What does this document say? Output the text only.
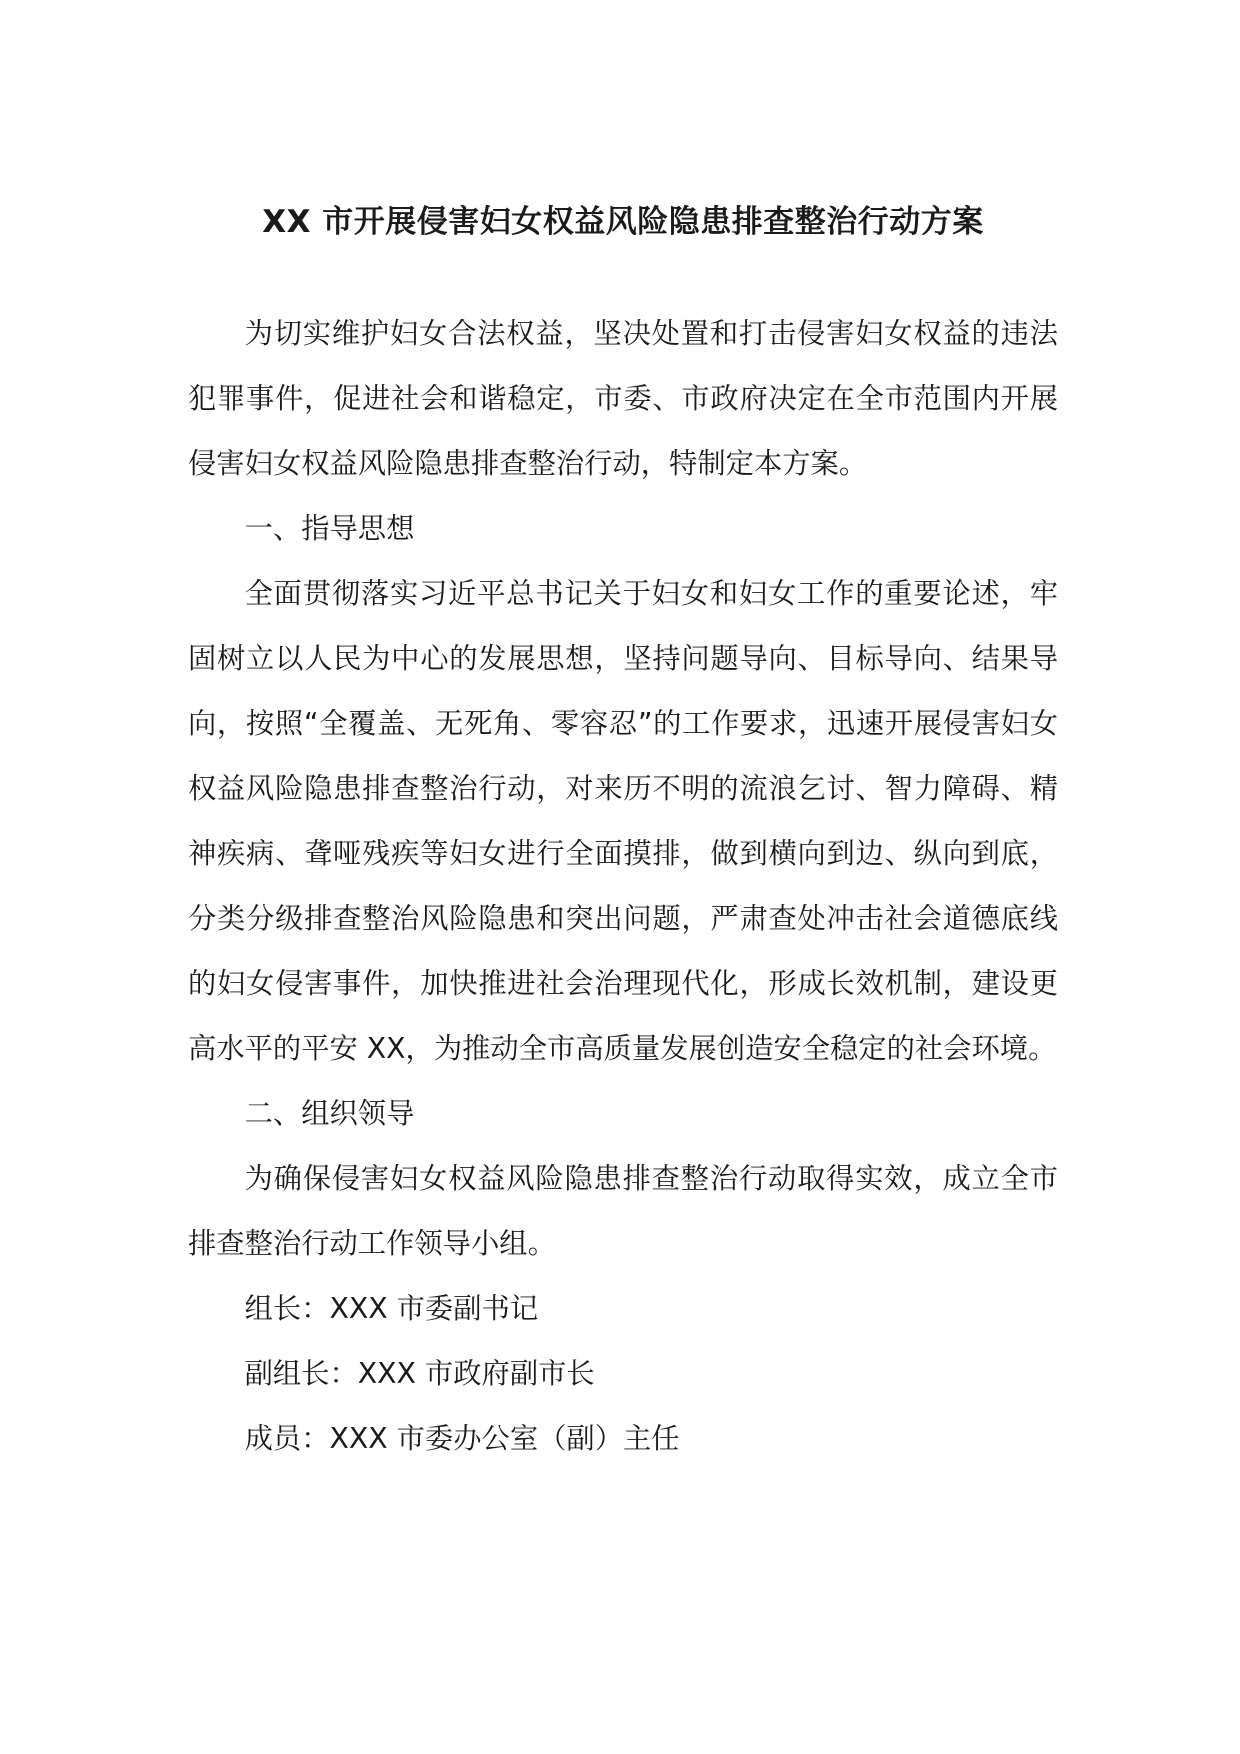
XX 市开展侵害妇女权益风险隐患排查整治行动方案

为切实维护妇女合法权益，坚决处置和打击侵害妇女权益的违法犯罪事件，促进社会和谐稳定，市委、市政府决定在全市范围内开展侵害妇女权益风险隐患排查整治行动，特制定本方案。

一、指导思想

全面贯彻落实习近平总书记关于妇女和妇女工作的重要论述，牢固树立以人民为中心的发展思想，坚持问题导向、目标导向、结果导向，按照“全覆盖、无死角、零容忍”的工作要求，迅速开展侵害妇女权益风险隐患排查整治行动，对来历不明的流浪乞讨、智力障碍、精神疾病、聋哑残疾等妇女进行全面摸排，做到横向到边、纵向到底，分类分级排查整治风险隐患和突出问题，严肃查处冲击社会道德底线的妇女侵害事件，加快推进社会治理现代化，形成长效机制，建设更高水平的平安 XX，为推动全市高质量发展创造安全稳定的社会环境。

二、组织领导

为确保侵害妇女权益风险隐患排查整治行动取得实效，成立全市排查整治行动工作领导小组。

组长：XXX 市委副书记

副组长：XXX 市政府副市长

成员：XXX 市委办公室（副）主任
